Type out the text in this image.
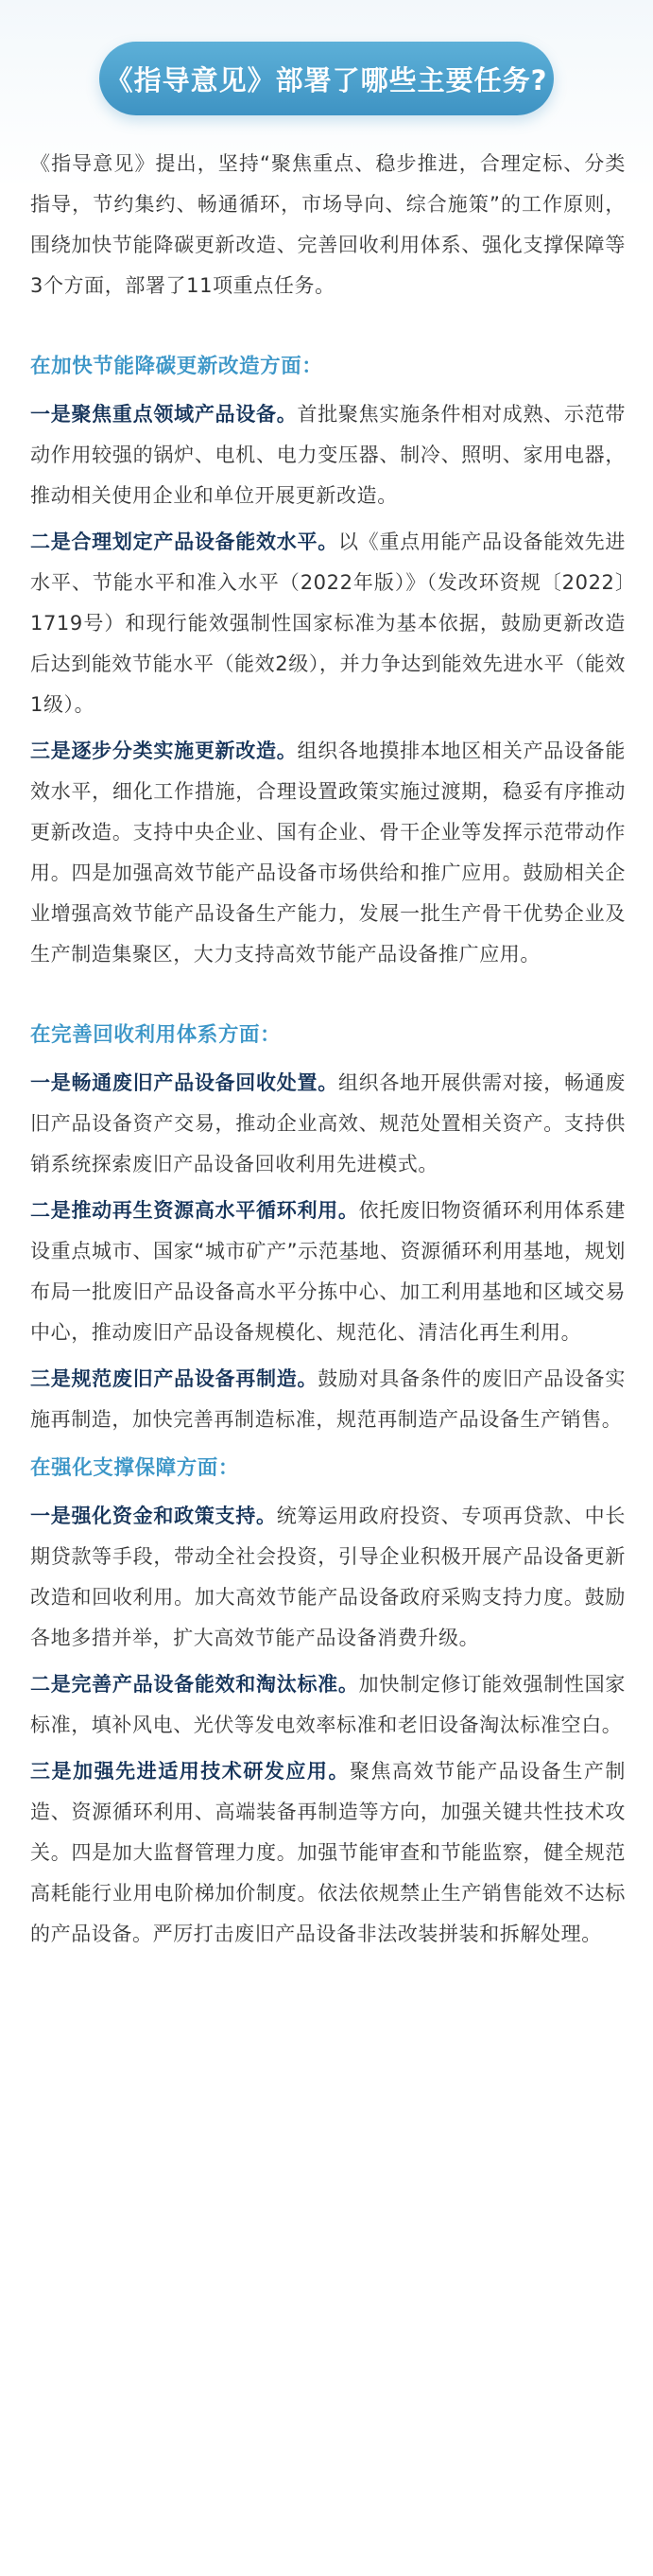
《指导意见》部署了哪些主要任务?

《指导意见》提出，坚持“聚焦重点、稳步推进，合理定标、分类指导，节约集约、畅通循环，市场导向、综合施策”的工作原则，围绕加快节能降碳更新改造、完善回收利用体系、强化支撑保障等3个方面，部署了11项重点任务。

在加快节能降碳更新改造方面：

一是聚焦重点领域产品设备。首批聚焦实施条件相对成熟、示范带动作用较强的锅炉、电机、电力变压器、制冷、照明、家用电器，推动相关使用企业和单位开展更新改造。

二是合理划定产品设备能效水平。以《重点用能产品设备能效先进水平、节能水平和准入水平（2022年版）》（发改环资规〔2022〕1719号）和现行能效强制性国家标准为基本依据，鼓励更新改造后达到能效节能水平（能效2级），并力争达到能效先进水平（能效1级）。

三是逐步分类实施更新改造。组织各地摸排本地区相关产品设备能效水平，细化工作措施，合理设置政策实施过渡期，稳妥有序推动更新改造。支持中央企业、国有企业、骨干企业等发挥示范带动作用。四是加强高效节能产品设备市场供给和推广应用。鼓励相关企业增强高效节能产品设备生产能力，发展一批生产骨干优势企业及生产制造集聚区，大力支持高效节能产品设备推广应用。

在完善回收利用体系方面：

一是畅通废旧产品设备回收处置。组织各地开展供需对接，畅通废旧产品设备资产交易，推动企业高效、规范处置相关资产。支持供销系统探索废旧产品设备回收利用先进模式。

二是推动再生资源高水平循环利用。依托废旧物资循环利用体系建设重点城市、国家“城市矿产”示范基地、资源循环利用基地，规划布局一批废旧产品设备高水平分拣中心、加工利用基地和区域交易中心，推动废旧产品设备规模化、规范化、清洁化再生利用。

三是规范废旧产品设备再制造。鼓励对具备条件的废旧产品设备实施再制造，加快完善再制造标准，规范再制造产品设备生产销售。

在强化支撑保障方面：

一是强化资金和政策支持。统筹运用政府投资、专项再贷款、中长期贷款等手段，带动全社会投资，引导企业积极开展产品设备更新改造和回收利用。加大高效节能产品设备政府采购支持力度。鼓励各地多措并举，扩大高效节能产品设备消费升级。

二是完善产品设备能效和淘汰标准。加快制定修订能效强制性国家标准，填补风电、光伏等发电效率标准和老旧设备淘汰标准空白。

三是加强先进适用技术研发应用。聚焦高效节能产品设备生产制造、资源循环利用、高端装备再制造等方向，加强关键共性技术攻关。四是加大监督管理力度。加强节能审查和节能监察，健全规范高耗能行业用电阶梯加价制度。依法依规禁止生产销售能效不达标的产品设备。严厉打击废旧产品设备非法改装拼装和拆解处理。
